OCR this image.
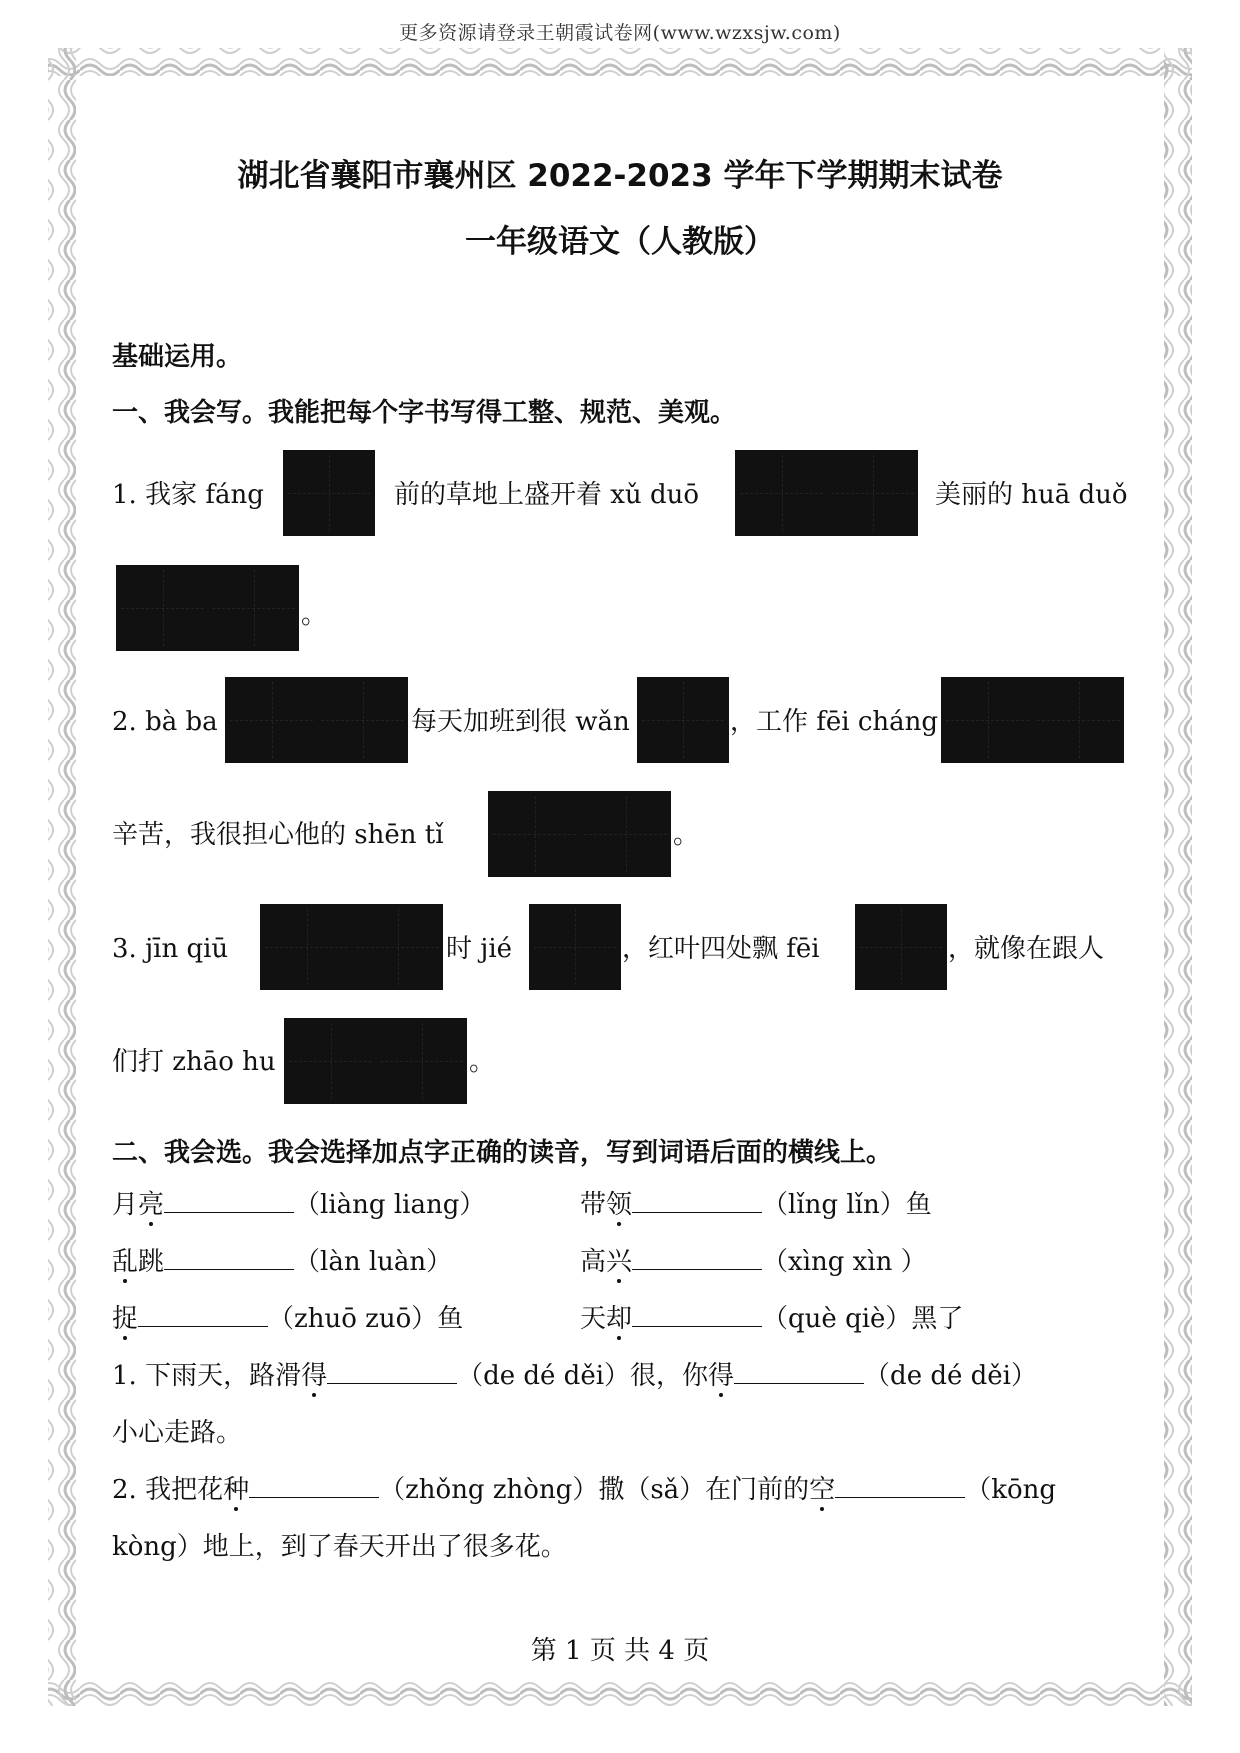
更多资源请登录王朝霞试卷网(www.wzxsjw.com)
湖北省襄阳市襄州区 2022-2023 学年下学期期末试卷
一年级语文（人教版）
基础运用。
一、我会写。我能把每个字书写得工整、规范、美观。
1. 我家 fáng	前的草地上盛开着 xǔ duō	美丽的 huā duǒ
。
2. bà ba	每天加班到很 wǎn	，工作 fēi cháng
辛苦，我很担心他的 shēn tǐ	。
3. jīn qiū	时 jié	，红叶四处飘 fēi	，就像在跟人
们打 zhāo hu	。
二、我会选。我会选择加点字正确的读音，写到词语后面的横线上。
月亮	（liàng liang）	带领	（lǐng lǐn）鱼
乱跳	（làn luàn）	高兴	（xìng xìn ）
捉	（zhuō zuō）鱼	天却	（què qiè）黑了
1. 下雨天，路滑得	（de dé děi）很，你得	（de dé děi）
小心走路。
2. 我把花种	（zhǒng zhòng）撒（sǎ）在门前的空	（kōng
kòng）地上，到了春天开出了很多花。
第 1 页 共 4 页
